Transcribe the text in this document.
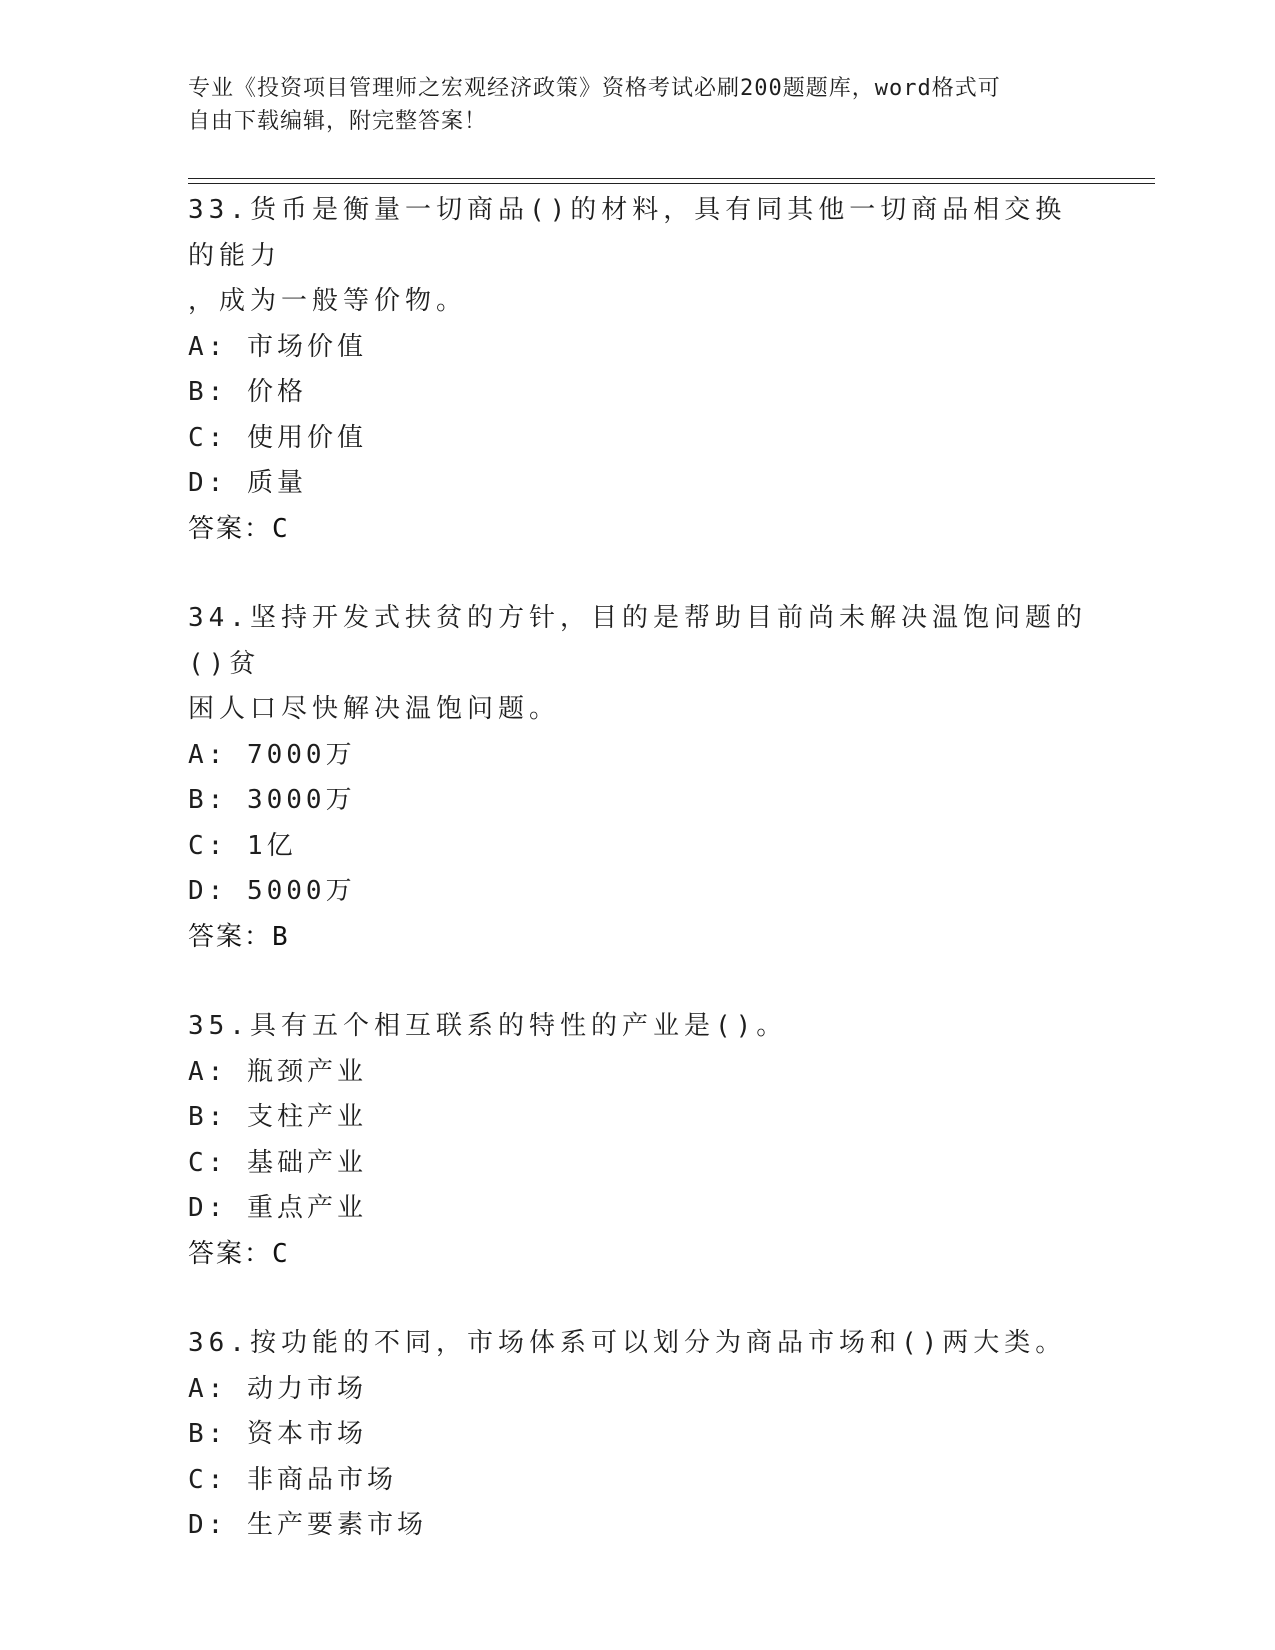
专业《投资项目管理师之宏观经济政策》资格考试必刷200题题库，word格式可
自由下载编辑，附完整答案！
33.货币是衡量一切商品()的材料，具有同其他一切商品相交换的能力
，成为一般等价物。
A: 市场价值
B: 价格
C: 使用价值
D: 质量
答案：C
34.坚持开发式扶贫的方针，目的是帮助目前尚未解决温饱问题的()贫
困人口尽快解决温饱问题。
A: 7000万
B: 3000万
C: 1亿
D: 5000万
答案：B
35.具有五个相互联系的特性的产业是()。
A: 瓶颈产业
B: 支柱产业
C: 基础产业
D: 重点产业
答案：C
36.按功能的不同，市场体系可以划分为商品市场和()两大类。
A: 动力市场
B: 资本市场
C: 非商品市场
D: 生产要素市场
